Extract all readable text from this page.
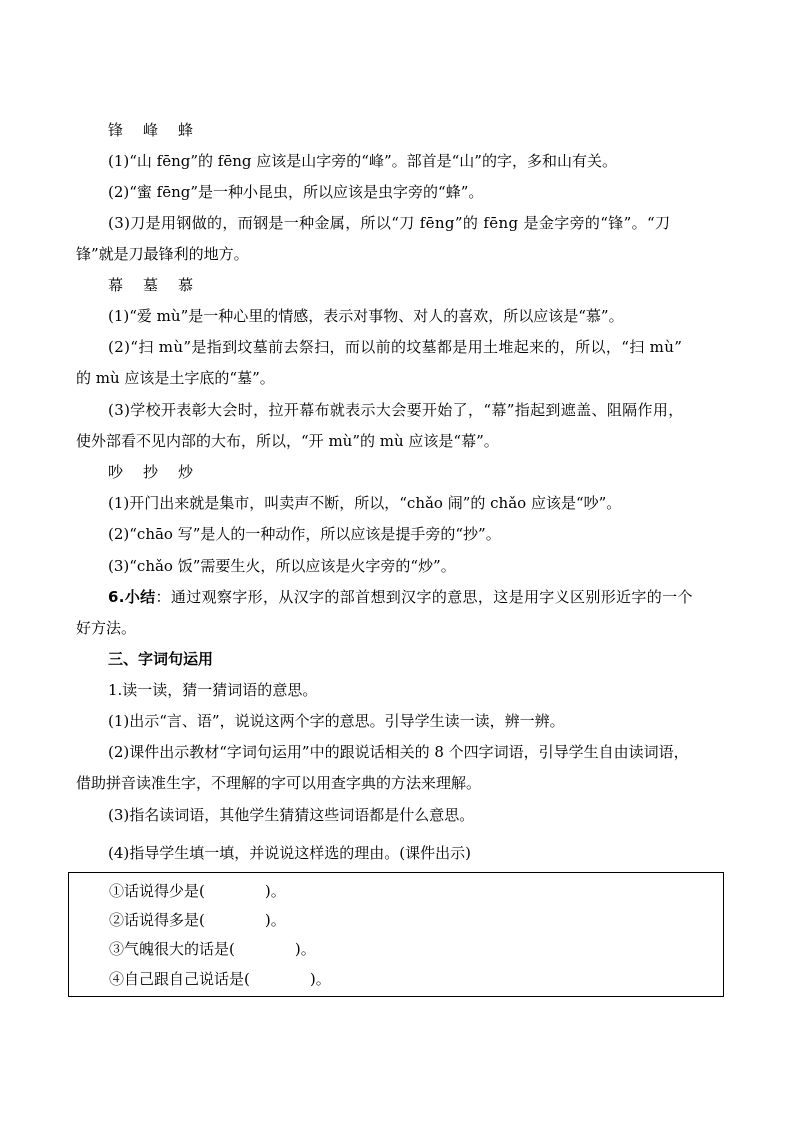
锋 峰 蜂
(1)“山 fēng”的 fēng 应该是山字旁的“峰”。部首是“山”的字，多和山有关。
(2)“蜜 fēng”是一种小昆虫，所以应该是虫字旁的“蜂”。
(3)刀是用钢做的，而钢是一种金属，所以“刀 fēng”的 fēng 是金字旁的“锋”。“刀
锋”就是刀最锋利的地方。
幕 墓 慕
(1)“爱 mù”是一种心里的情感，表示对事物、对人的喜欢，所以应该是“慕”。
(2)“扫 mù”是指到坟墓前去祭扫，而以前的坟墓都是用土堆起来的，所以，“扫 mù”
的 mù 应该是土字底的“墓”。
(3)学校开表彰大会时，拉开幕布就表示大会要开始了，“幕”指起到遮盖、阻隔作用，
使外部看不见内部的大布，所以，“开 mù”的 mù 应该是“幕”。
吵 抄 炒
(1)开门出来就是集市，叫卖声不断，所以，“chǎo 闹”的 chǎo 应该是“吵”。
(2)“chāo 写”是人的一种动作，所以应该是提手旁的“抄”。
(3)“chǎo 饭”需要生火，所以应该是火字旁的“炒”。
6.小结：通过观察字形，从汉字的部首想到汉字的意思，这是用字义区别形近字的一个
好方法。
三、字词句运用
1.读一读，猜一猜词语的意思。
(1)出示“言、语”，说说这两个字的意思。引导学生读一读，辨一辨。
(2)课件出示教材“字词句运用”中的跟说话相关的 8 个四字词语，引导学生自由读词语，
借助拼音读准生字，不理解的字可以用查字典的方法来理解。
(3)指名读词语，其他学生猜猜这些词语都是什么意思。
(4)指导学生填一填，并说说这样选的理由。(课件出示)
①话说得少是(　　　　)。
②话说得多是(　　　　)。
③气魄很大的话是(　　　　)。
④自己跟自己说话是(　　　　)。
